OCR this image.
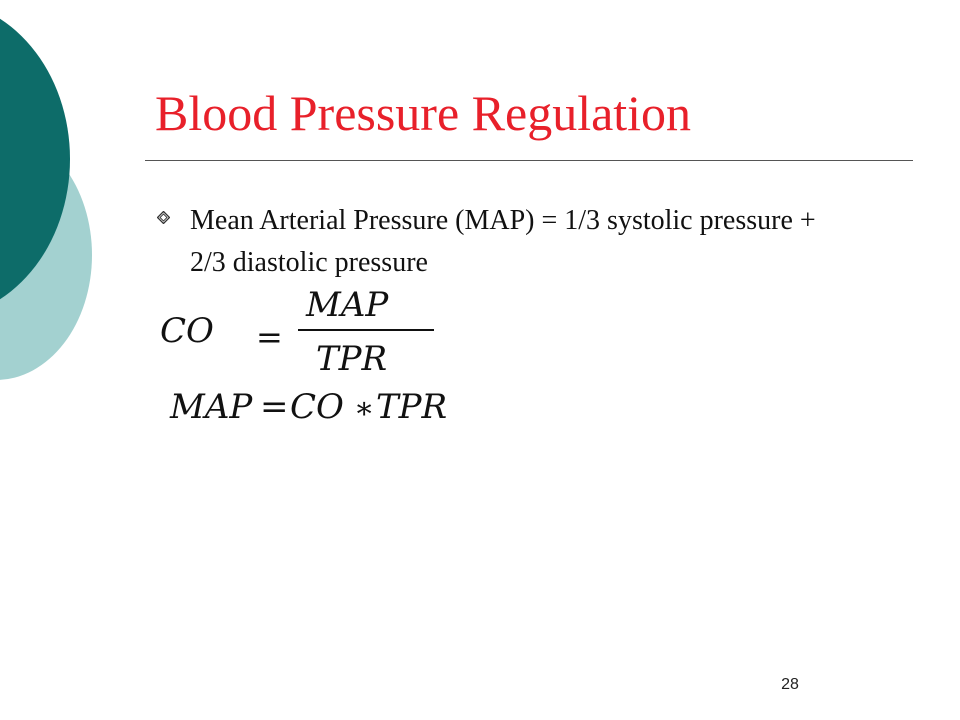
Blood Pressure Regulation

Mean Arterial Pressure (MAP) = 1/3 systolic pressure + 2/3 diastolic pressure

CO =
MAP
TPR
MAP = CO ∗ TPR
28
